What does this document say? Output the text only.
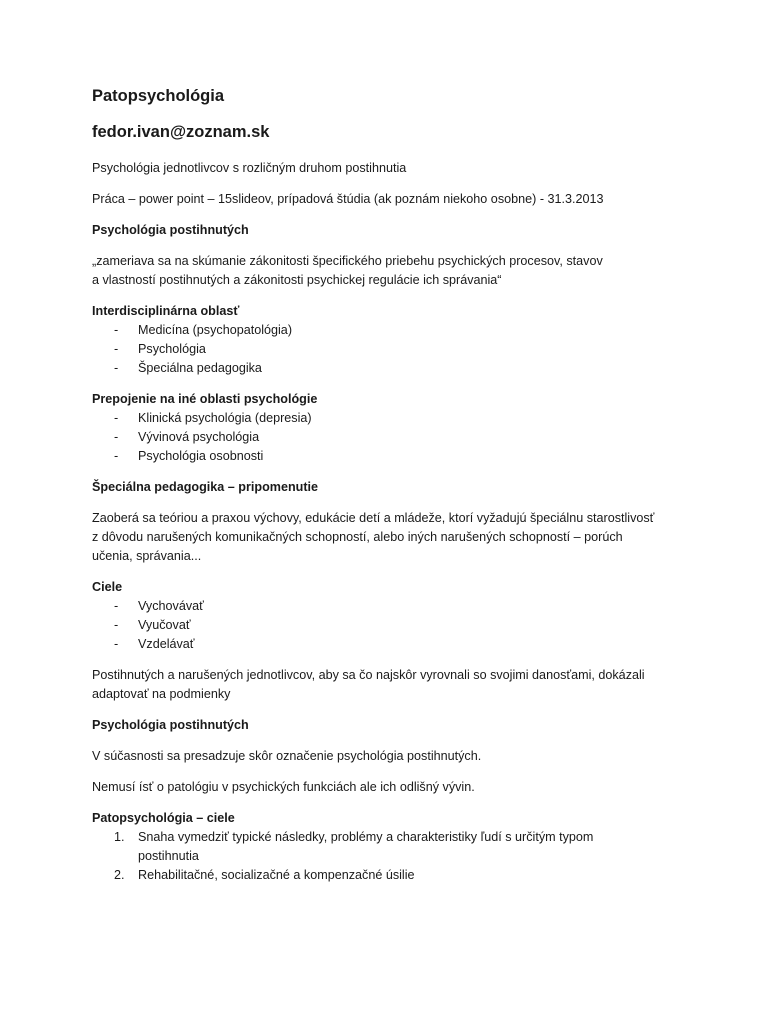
Patopsychológia
fedor.ivan@zoznam.sk

Psychológia jednotlivcov s rozličným druhom postihnutia

Práca – power point – 15slideov, prípadová štúdia (ak poznám niekoho osobne) - 31.3.2013

Psychológia postihnutých

„zameriava sa na skúmanie zákonitosti špecifického priebehu psychických procesov, stavov

a vlastností postihnutých a zákonitosti psychickej regulácie ich správania“

Interdisciplinárna oblasť

- Medicína (psychopatológia)
- Psychológia
- Špeciálna pedagogika

Prepojenie na iné oblasti psychológie

- Klinická psychológia (depresia)
- Vývinová psychológia
- Psychológia osobnosti

Špeciálna pedagogika – pripomenutie

Zaoberá sa teóriou a praxou výchovy, edukácie detí a mládeže, ktorí vyžadujú špeciálnu starostlivosť

z dôvodu narušených komunikačných schopností, alebo iných narušených schopností – porúch

učenia, správania...

Ciele

- Vychovávať
- Vyučovať
- Vzdelávať

Postihnutých a narušených jednotlivcov, aby sa čo najskôr vyrovnali so svojimi danosťami, dokázali

adaptovať na podmienky

Psychológia postihnutých

V súčasnosti sa presadzuje skôr označenie psychológia postihnutých.

Nemusí ísť o patológiu v psychických funkciách ale ich odlišný vývin.

Patopsychológia – ciele

1. Snaha vymedziť typické následky, problémy a charakteristiky ľudí s určitým typom postihnutia
2. Rehabilitačné, socializačné a kompenzačné úsilie
